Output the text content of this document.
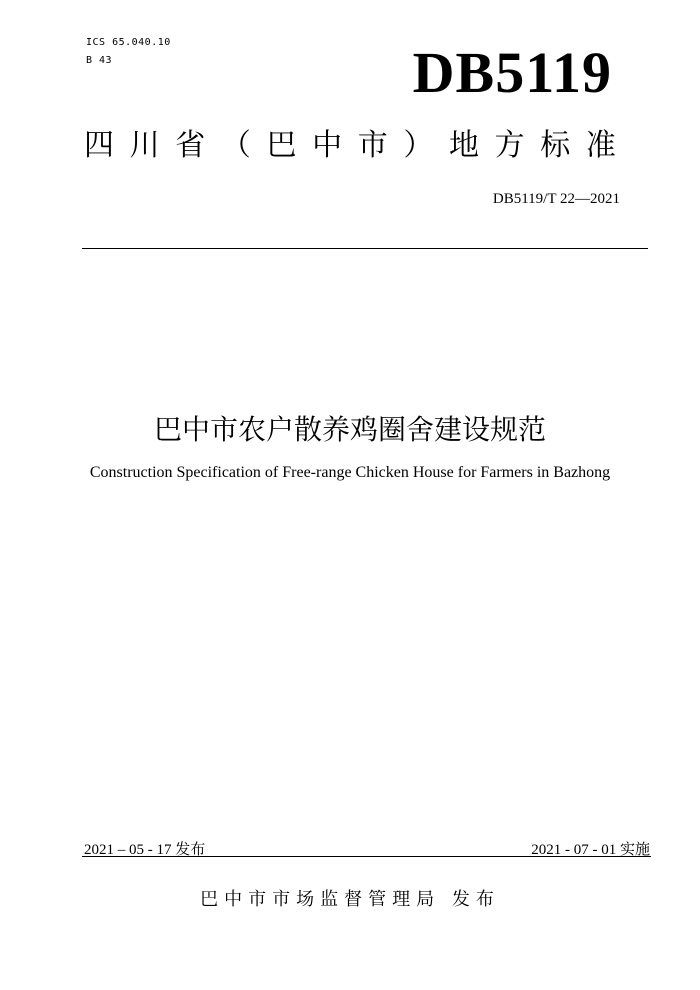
ICS 65.040.10
B 43	DB5119
四 川 省 （ 巴 中 市 ） 地 方 标 准
DB5119/T 22—2021
巴中市农户散养鸡圈舍建设规范
Construction Specification of Free-range Chicken House for Farmers in Bazhong
2021 – 05 - 17 发布	2021 - 07 - 01 实施
巴中市市场监督管理局 发布
